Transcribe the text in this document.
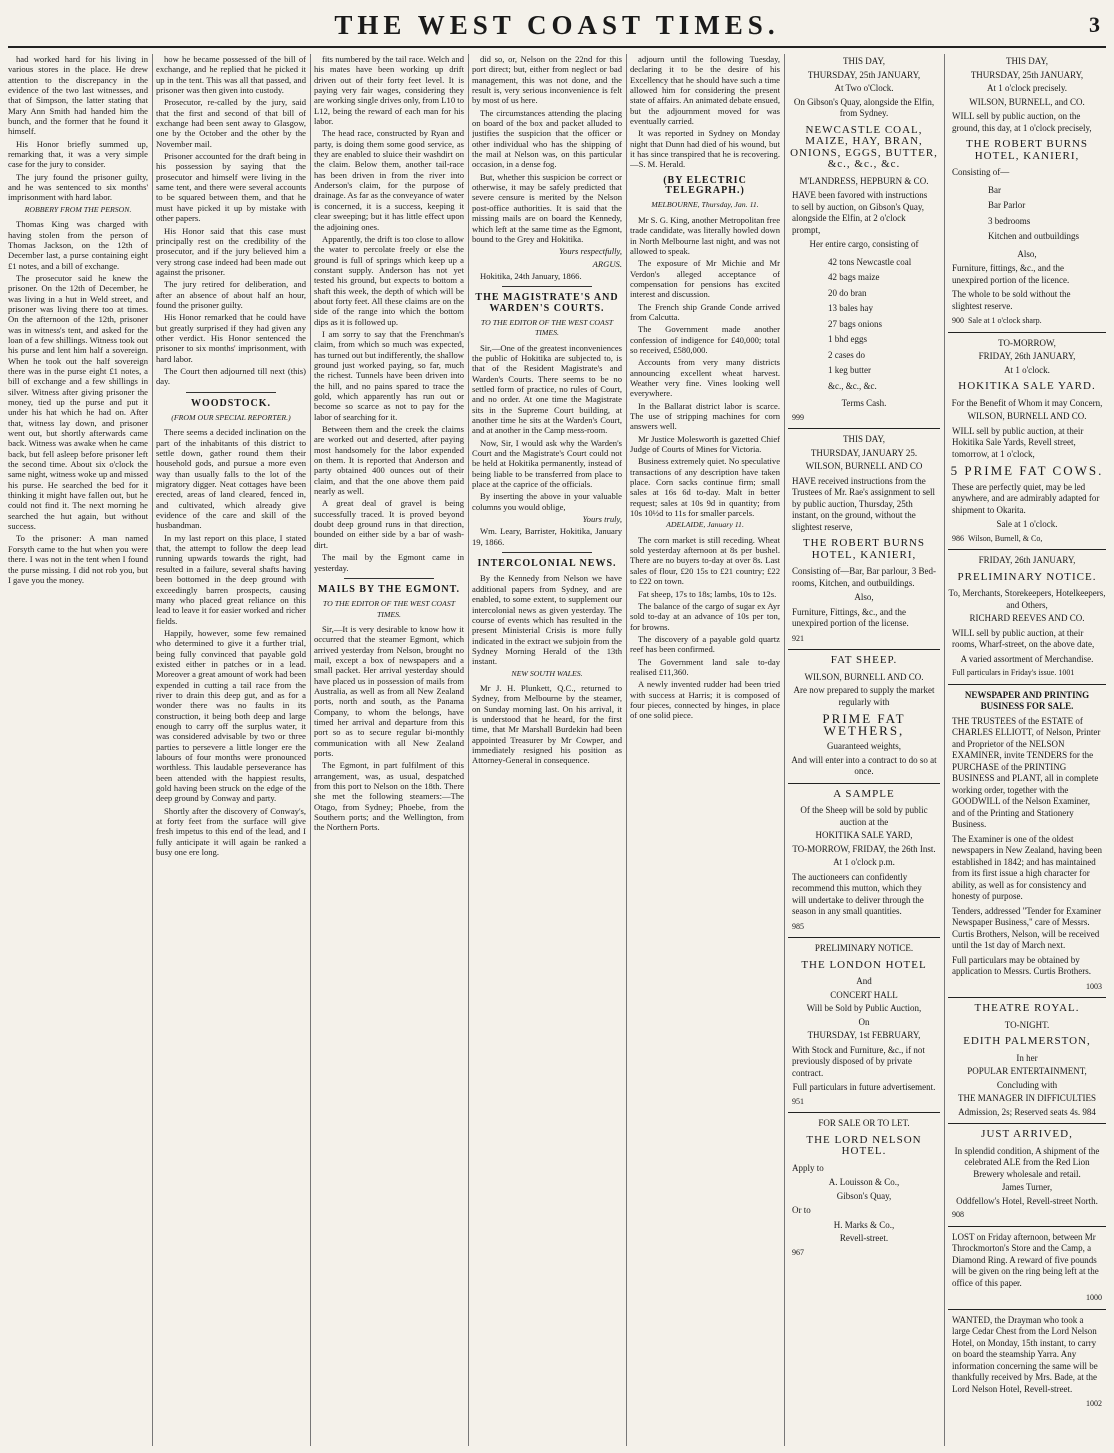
THE WEST COAST TIMES.	3

had worked hard for his living in various stores in the place. He drew attention to the discrepancy in the evidence of the two last witnesses, and that of Simpson, the latter stating that Mary Ann Smith had handed him the bunch, and the former that he found it himself.

His Honor briefly summed up, remarking that, it was a very simple case for the jury to consider.

The jury found the prisoner guilty, and he was sentenced to six months' imprisonment with hard labor.

ROBBERY FROM THE PERSON.

Thomas King was charged with having stolen from the person of Thomas Jackson, on the 12th of December last, a purse containing eight £1 notes, and a bill of exchange.

The prosecutor said he knew the prisoner. On the 12th of December, he was living in a hut in Weld street, and prisoner was living there too at times. On the afternoon of the 12th, prisoner was in witness's tent, and asked for the loan of a few shillings. Witness took out his purse and lent him half a sovereign. When he took out the half sovereign there was in the purse eight £1 notes, a bill of exchange and a few shillings in silver. Witness after giving prisoner the money, tied up the purse and put it under his hat which he had on. After that, witness lay down, and prisoner went out, but shortly afterwards came back. Witness was awake when he came back, but fell asleep before prisoner left the second time. About six o'clock the same night, witness woke up and missed his purse. He searched the bed for it thinking it might have fallen out, but he could not find it. The next morning he searched the hut again, but without success.

To the prisoner: A man named Forsyth came to the hut when you were there. I was not in the tent when I found the purse missing. I did not rob you, but I gave you the money.

how he became possessed of the bill of exchange, and he replied that he picked it up in the tent. This was all that passed, and prisoner was then given into custody.

Prosecutor, re-called by the jury, said that the first and second of that bill of exchange had been sent away to Glasgow, one by the October and the other by the November mail.

Prisoner accounted for the draft being in his possession by saying that the prosecutor and himself were living in the same tent, and there were several accounts to be squared between them, and that he must have picked it up by mistake with other papers.

His Honor said that this case must principally rest on the credibility of the prosecutor, and if the jury believed him a very strong case indeed had been made out against the prisoner.

The jury retired for deliberation, and after an absence of about half an hour, found the prisoner guilty.

His Honor remarked that he could have but greatly surprised if they had given any other verdict. His Honor sentenced the prisoner to six months' imprisonment, with hard labor.

The Court then adjourned till next (this) day.

WOODSTOCK.

(FROM OUR SPECIAL REPORTER.)

There seems a decided inclination on the part of the inhabitants of this district to settle down, gather round them their household gods, and pursue a more even way than usually falls to the lot of the migratory digger. Neat cottages have been erected, areas of land cleared, fenced in, and cultivated, which already give evidence of the care and skill of the husbandman.

In my last report on this place, I stated that, the attempt to follow the deep lead running upwards towards the right, had resulted in a failure, several shafts having been bottomed in the deep ground with exceedingly barren prospects, causing many who placed great reliance on this lead to leave it for easier worked and richer fields.

Happily, however, some few remained who determined to give it a further trial, being fully convinced that payable gold existed either in patches or in a lead. Moreover a great amount of work had been expended in cutting a tail race from the river to drain this deep gut, and as for a wonder there was no faults in its construction, it being both deep and large enough to carry off the surplus water, it was considered advisable by two or three parties to persevere a little longer ere the labours of four months were pronounced worthless. This laudable perseverance has been attended with the happiest results, gold having been struck on the edge of the deep ground by Conway and party.

Shortly after the discovery of Conway's, at forty feet from the surface will give fresh impetus to this end of the lead, and I fully anticipate it will again be ranked a busy one ere long.

fits numbered by the tail race. Welch and his mates have been working up drift driven out of their forty feet level. It is paying very fair wages, considering they are working single drives only, from L10 to L12, being the reward of each man for his labor.

The head race, constructed by Ryan and party, is doing them some good service, as they are enabled to sluice their washdirt on the claim. Below them, another tail-race has been driven in from the river into Anderson's claim, for the purpose of drainage. As far as the conveyance of water is concerned, it is a success, keeping it clear sweeping; but it has little effect upon the adjoining ones.

Apparently, the drift is too close to allow the water to percolate freely or else the ground is full of springs which keep up a constant supply. Anderson has not yet tested his ground, but expects to bottom a shaft this week, the depth of which will be about forty feet. All these claims are on the side of the range into which the bottom dips as it is followed up.

I am sorry to say that the Frenchman's claim, from which so much was expected, has turned out but indifferently, the shallow ground just worked paying, so far, much the richest. Tunnels have been driven into the hill, and no pains spared to trace the gold, which apparently has run out or become so scarce as not to pay for the labor of searching for it.

Between them and the creek the claims are worked out and deserted, after paying most handsomely for the labor expended on them. It is reported that Anderson and party obtained 400 ounces out of their claim, and that the one above them paid nearly as well.

A great deal of gravel is being successfully traced. It is proved beyond doubt deep ground runs in that direction, bounded on either side by a bar of wash-dirt.

The mail by the Egmont came in yesterday.

MAILS BY THE EGMONT.

TO THE EDITOR OF THE WEST COAST TIMES.

Sir,—It is very desirable to know how it occurred that the steamer Egmont, which arrived yesterday from Nelson, brought no mail, except a box of newspapers and a small packet. Her arrival yesterday should have placed us in possession of mails from Australia, as well as from all New Zealand ports, north and south, as the Panama Company, to whom the belongs, have timed her arrival and departure from this port so as to secure regular bi-monthly communication with all New Zealand ports.

The Egmont, in part fulfilment of this arrangement, was, as usual, despatched from this port to Nelson on the 18th. There she met the following steamers:—The Otago, from Sydney; Phoebe, from the Southern ports; and the Wellington, from the Northern Ports.

did so, or, Nelson on the 22nd for this port direct; but, either from neglect or bad management, this was not done, and the result is, very serious inconvenience is felt by most of us here.

The circumstances attending the placing on board of the box and packet alluded to justifies the suspicion that the officer or other individual who has the shipping of the mail at Nelson was, on this particular occasion, in a dense fog.

But, whether this suspicion be correct or otherwise, it may be safely predicted that severe censure is merited by the Nelson post-office authorities. It is said that the missing mails are on board the Kennedy, which left at the same time as the Egmont, bound to the Grey and Hokitika.

Yours respectfully,

ARGUS.

Hokitika, 24th January, 1866.

THE MAGISTRATE'S AND WARDEN'S COURTS.

TO THE EDITOR OF THE WEST COAST TIMES.

Sir,—One of the greatest inconveniences the public of Hokitika are subjected to, is that of the Resident Magistrate's and Warden's Courts. There seems to be no settled form of practice, no rules of Court, and no order. At one time the Magistrate sits in the Supreme Court building, at another time he sits at the Warden's Court, and at another in the Camp mess-room.

Now, Sir, I would ask why the Warden's Court and the Magistrate's Court could not be held at Hokitika permanently, instead of being liable to be transferred from place to place at the caprice of the officials.

By inserting the above in your valuable columns you would oblige,

Yours truly,

Wm. Leary, Barrister, Hokitika, January 19, 1866.

INTERCOLONIAL NEWS.

By the Kennedy from Nelson we have additional papers from Sydney, and are enabled, to some extent, to supplement our intercolonial news as given yesterday. The course of events which has resulted in the present Ministerial Crisis is more fully indicated in the extract we subjoin from the Sydney Morning Herald of the 13th instant.

NEW SOUTH WALES.

Mr J. H. Plunkett, Q.C., returned to Sydney, from Melbourne by the steamer, on Sunday morning last. On his arrival, it is understood that he heard, for the first time, that Mr Marshall Burdekin had been appointed Treasurer by Mr Cowper, and immediately resigned his position as Attorney-General in consequence.

adjourn until the following Tuesday, declaring it to be the desire of his Excellency that he should have such a time allowed him for considering the present state of affairs. An animated debate ensued, but the adjournment moved for was eventually carried.

It was reported in Sydney on Monday night that Dunn had died of his wound, but it has since transpired that he is recovering.—S. M. Herald.

(BY ELECTRIC TELEGRAPH.)

MELBOURNE, Thursday, Jan. 11.

Mr S. G. King, another Metropolitan free trade candidate, was literally howled down in North Melbourne last night, and was not allowed to speak.

The exposure of Mr Michie and Mr Verdon's alleged acceptance of compensation for pensions has excited interest and discussion.

The French ship Grande Conde arrived from Calcutta.

The Government made another confession of indigence for £40,000; total so received, £580,000.

Accounts from very many districts announcing excellent wheat harvest. Weather very fine. Vines looking well everywhere.

In the Ballarat district labor is scarce. The use of stripping machines for corn answers well.

Mr Justice Molesworth is gazetted Chief Judge of Courts of Mines for Victoria.

Business extremely quiet. No speculative transactions of any description have taken place. Corn sacks continue firm; small sales at 16s 6d to-day. Malt in better request; sales at 10s 9d in quantity; from 10s 10½d to 11s for smaller parcels.

ADELAIDE, January 11.

The corn market is still receding. Wheat sold yesterday afternoon at 8s per bushel. There are no buyers to-day at over 8s. Last sales of flour, £20 15s to £21 country; £22 to £22 on town.

Fat sheep, 17s to 18s; lambs, 10s to 12s.

The balance of the cargo of sugar ex Ayr sold to-day at an advance of 10s per ton, for browns.

The discovery of a payable gold quartz reef has been confirmed.

The Government land sale to-day realised £11,360.

A newly invented rudder had been tried with success at Harris; it is composed of four pieces, connected by hinges, in place of one solid piece.

THIS DAY,
THURSDAY, 25th JANUARY,
At Two o'Clock.
On Gibson's Quay, alongside the Elfin, from Sydney.
NEWCASTLE COAL, MAIZE, HAY, BRAN, ONIONS, EGGS, BUTTER, &c., &c., &c.
M'LANDRESS, HEPBURN & CO.
HAVE been favored with instructions to sell by auction, on Gibson's Quay, alongside the Elfin, at 2 o'clock prompt,
Her entire cargo, consisting of
42 tons Newcastle coal
42 bags maize
20 do bran
13 bales hay
27 bags onions
1 bhd eggs
2 cases do
1 keg butter
&c., &c., &c.
Terms Cash.
999
THIS DAY,
THURSDAY, JANUARY 25.
WILSON, BURNELL AND CO
HAVE received instructions from the Trustees of Mr. Rae's assignment to sell by public auction, Thursday, 25th instant, on the ground, without the slightest reserve,
THE ROBERT BURNS HOTEL, KANIERI,
Consisting of—Bar, Bar parlour, 3 Bed-rooms, Kitchen, and outbuildings.
Also,
Furniture, Fittings, &c., and the unexpired portion of the license.
921
FAT SHEEP.
WILSON, BURNELL AND CO.
Are now prepared to supply the market regularly with
PRIME FAT WETHERS,
Guaranteed weights,
And will enter into a contract to do so at once.
A SAMPLE
Of the Sheep will be sold by public auction at the
HOKITIKA SALE YARD,
TO-MORROW, FRIDAY, the 26th Inst.
At 1 o'clock p.m.
The auctioneers can confidently recommend this mutton, which they will undertake to deliver through the season in any small quantities.
985
PRELIMINARY NOTICE.
THE LONDON HOTEL
And
CONCERT HALL
Will be Sold by Public Auction,
On
THURSDAY, 1st FEBRUARY,
With Stock and Furniture, &c., if not previously disposed of by private contract.
Full particulars in future advertisement.
951
FOR SALE OR TO LET.
THE LORD NELSON HOTEL.
Apply to
A. Louisson & Co.,
Gibson's Quay,
Or to
H. Marks & Co.,
Revell-street.
967
THIS DAY,
THURSDAY, 25th JANUARY,
At 1 o'clock precisely.
WILSON, BURNELL, and CO.
WILL sell by public auction, on the ground, this day, at 1 o'clock precisely,
THE ROBERT BURNS HOTEL, KANIERI,
Consisting of—
Bar
Bar Parlor
3 bedrooms
Kitchen and outbuildings
Also,
Furniture, fittings, &c., and the unexpired portion of the licence.
The whole to be sold without the slightest reserve.
900 Sale at 1 o'clock sharp.
TO-MORROW,
FRIDAY, 26th JANUARY,
At 1 o'clock.
HOKITIKA SALE YARD.
For the Benefit of Whom it may Concern,
WILSON, BURNELL AND CO.
WILL sell by public auction, at their Hokitika Sale Yards, Revell street, tomorrow, at 1 o'clock,
5 PRIME FAT COWS.
These are perfectly quiet, may be led anywhere, and are admirably adapted for shipment to Okarita.
Sale at 1 o'clock.
986 Wilson, Burnell, & Co,
FRIDAY, 26th JANUARY,
PRELIMINARY NOTICE.
To, Merchants, Storekeepers, Hotelkeepers, and Others,
RICHARD REEVES AND CO.
WILL sell by public auction, at their rooms, Wharf-street, on the above date,
A varied assortment of Merchandise.
Full particulars in Friday's issue. 1001
NEWSPAPER AND PRINTING BUSINESS FOR SALE.
THE TRUSTEES of the ESTATE of CHARLES ELLIOTT, of Nelson, Printer and Proprietor of the NELSON EXAMINER, invite TENDERS for the PURCHASE of the PRINTING BUSINESS and PLANT, all in complete working order, together with the GOODWILL of the Nelson Examiner, and of the Printing and Stationery Business.
The Examiner is one of the oldest newspapers in New Zealand, having been established in 1842; and has maintained from its first issue a high character for ability, as well as for consistency and honesty of purpose.
Tenders, addressed "Tender for Examiner Newspaper Business," care of Messrs. Curtis Brothers, Nelson, will be received until the 1st day of March next.
Full particulars may be obtained by application to Messrs. Curtis Brothers.
1003
THEATRE ROYAL.
TO-NIGHT.
EDITH PALMERSTON,
In her
POPULAR ENTERTAINMENT,
Concluding with
THE MANAGER IN DIFFICULTIES
Admission, 2s; Reserved seats 4s. 984
JUST ARRIVED,
In splendid condition, A shipment of the celebrated ALE from the Red Lion Brewery wholesale and retail.
James Turner,
Oddfellow's Hotel, Revell-street North.
908
LOST on Friday afternoon, between Mr Throckmorton's Store and the Camp, a Diamond Ring. A reward of five pounds will be given on the ring being left at the office of this paper.
1000
WANTED, the Drayman who took a large Cedar Chest from the Lord Nelson Hotel, on Monday, 15th instant, to carry on board the steamship Yarra. Any information concerning the same will be thankfully received by Mrs. Bade, at the Lord Nelson Hotel, Revell-street.
1002
